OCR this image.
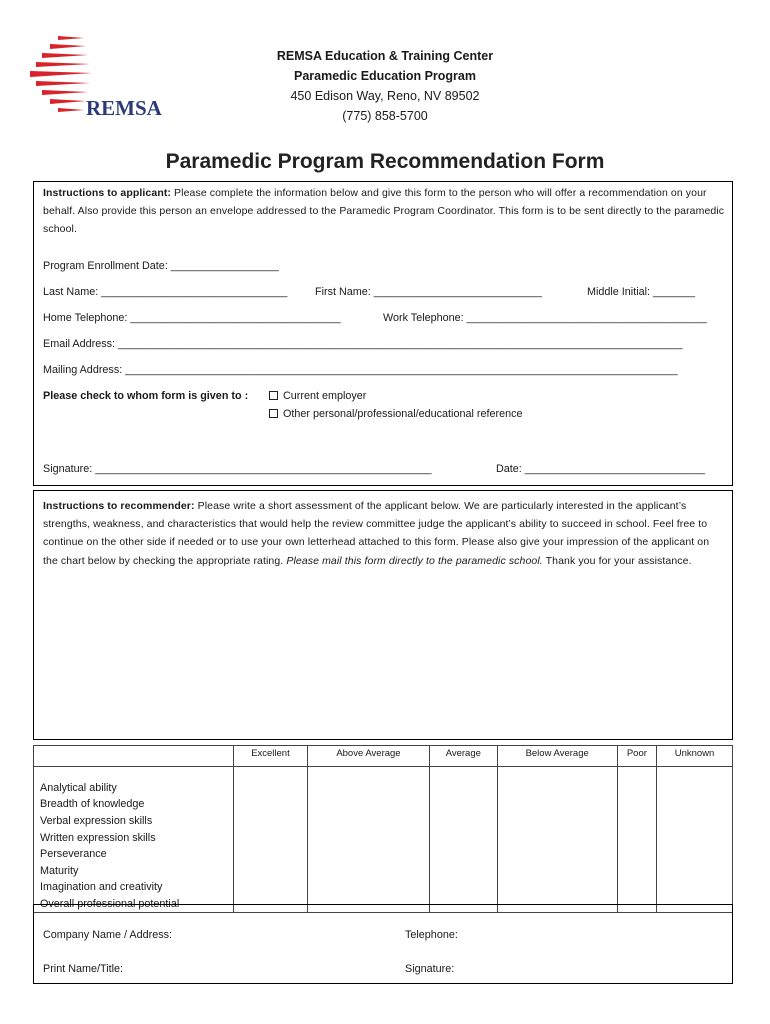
REMSA
REMSA Education & Training Center
Paramedic Education Program
450 Edison Way, Reno, NV 89502
(775) 858-5700
Paramedic Program Recommendation Form
Instructions to applicant: Please complete the information below and give this form to the person who will offer a recommendation on your behalf. Also provide this person an envelope addressed to the Paramedic Program Coordinator. This form is to be sent directly to the paramedic school.
Program Enrollment Date: __________________
Last Name: _______________________________	First Name: ____________________________	Middle Initial: _______
Home Telephone: ___________________________________	Work Telephone: ________________________________________
Email Address: ______________________________________________________________________________________________
Mailing Address: ____________________________________________________________________________________________
Please check to whom form is given to :	Current employer
Other personal/professional/educational reference
Signature: ________________________________________________________	Date: ______________________________
Instructions to recommender: Please write a short assessment of the applicant below. We are particularly interested in the applicant’s strengths, weakness, and characteristics that would help the review committee judge the applicant’s ability to succeed in school. Feel free to continue on the other side if needed or to use your own letterhead attached to this form. Please also give your impression of the applicant on the chart below by checking the appropriate rating. Please mail this form directly to the paramedic school. Thank you for your assistance.
	Excellent	Above Average	Average	Below Average	Poor	Unknown

Analytical ability						
Breadth of knowledge						
Verbal expression skills						
Written expression skills						
Perseverance						
Maturity						
Imagination and creativity						
Overall professional potential						
Company Name / Address:	Telephone:
Print Name/Title:	Signature:
